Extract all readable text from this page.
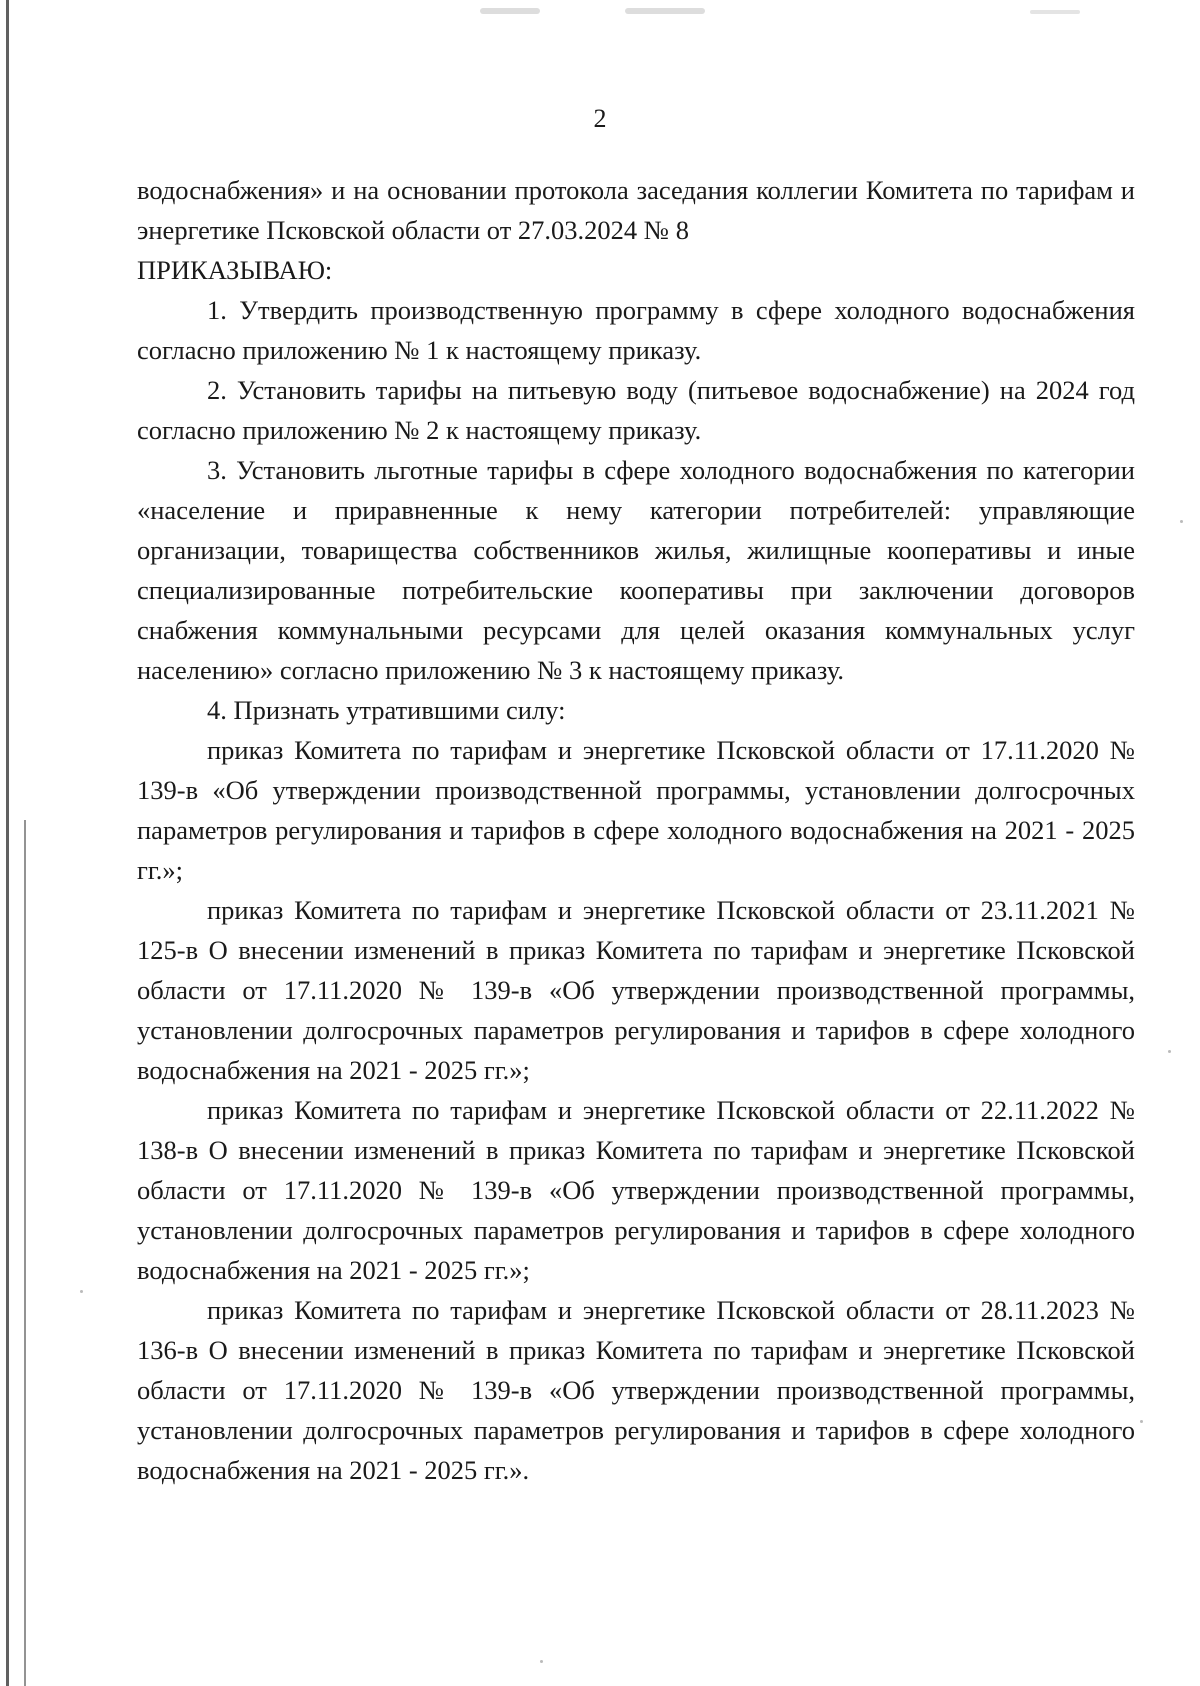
2

водоснабжения» и на основании протокола заседания коллегии Комитета по тарифам и энергетике Псковской области от 27.03.2024 № 8

ПРИКАЗЫВАЮ:

1. Утвердить производственную программу в сфере холодного водоснабжения согласно приложению № 1 к настоящему приказу.

2. Установить тарифы на питьевую воду (питьевое водоснабжение) на 2024 год согласно приложению № 2 к настоящему приказу.

3. Установить льготные тарифы в сфере холодного водоснабжения по категории «население и приравненные к нему категории потребителей: управляющие организации, товарищества собственников жилья, жилищные кооперативы и иные специализированные потребительские кооперативы при заключении договоров снабжения коммунальными ресурсами для целей оказания коммунальных услуг населению» согласно приложению № 3 к настоящему приказу.

4. Признать утратившими силу:

приказ Комитета по тарифам и энергетике Псковской области от 17.11.2020 № 139-в «Об утверждении производственной программы, установлении долгосрочных параметров регулирования и тарифов в сфере холодного водоснабжения на 2021 - 2025 гг.»;

приказ Комитета по тарифам и энергетике Псковской области от 23.11.2021 № 125-в О внесении изменений в приказ Комитета по тарифам и энергетике Псковской области от 17.11.2020 № 139-в «Об утверждении производственной программы, установлении долгосрочных параметров регулирования и тарифов в сфере холодного водоснабжения на 2021 - 2025 гг.»;

приказ Комитета по тарифам и энергетике Псковской области от 22.11.2022 № 138-в О внесении изменений в приказ Комитета по тарифам и энергетике Псковской области от 17.11.2020 № 139-в «Об утверждении производственной программы, установлении долгосрочных параметров регулирования и тарифов в сфере холодного водоснабжения на 2021 - 2025 гг.»;

приказ Комитета по тарифам и энергетике Псковской области от 28.11.2023 № 136-в О внесении изменений в приказ Комитета по тарифам и энергетике Псковской области от 17.11.2020 № 139-в «Об утверждении производственной программы, установлении долгосрочных параметров регулирования и тарифов в сфере холодного водоснабжения на 2021 - 2025 гг.».
